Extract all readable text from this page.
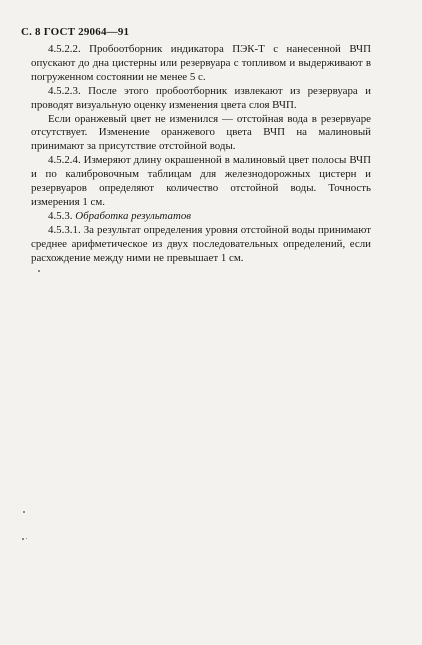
С. 8 ГОСТ 29064—91

4.5.2.2. Пробоотборник индикатора ПЭК-Т с нанесенной ВЧП опускают до дна цистерны или резервуара с топливом и выдерживают в погруженном состоянии не менее 5 с.

4.5.2.3. После этого пробоотборник извлекают из резервуара и проводят визуальную оценку изменения цвета слоя ВЧП.

Если оранжевый цвет не изменился — отстойная вода в резервуаре отсутствует. Изменение оранжевого цвета ВЧП на малиновый принимают за присутствие отстойной воды.

4.5.2.4. Измеряют длину окрашенной в малиновый цвет полосы ВЧП и по калибровочным таблицам для железнодорожных цистерн и резервуаров определяют количество отстойной воды. Точность измерения 1 см.

4.5.3. Обработка результатов

4.5.3.1. За результат определения уровня отстойной воды принимают среднее арифметическое из двух последовательных определений, если расхождение между ними не превышает 1 см.
